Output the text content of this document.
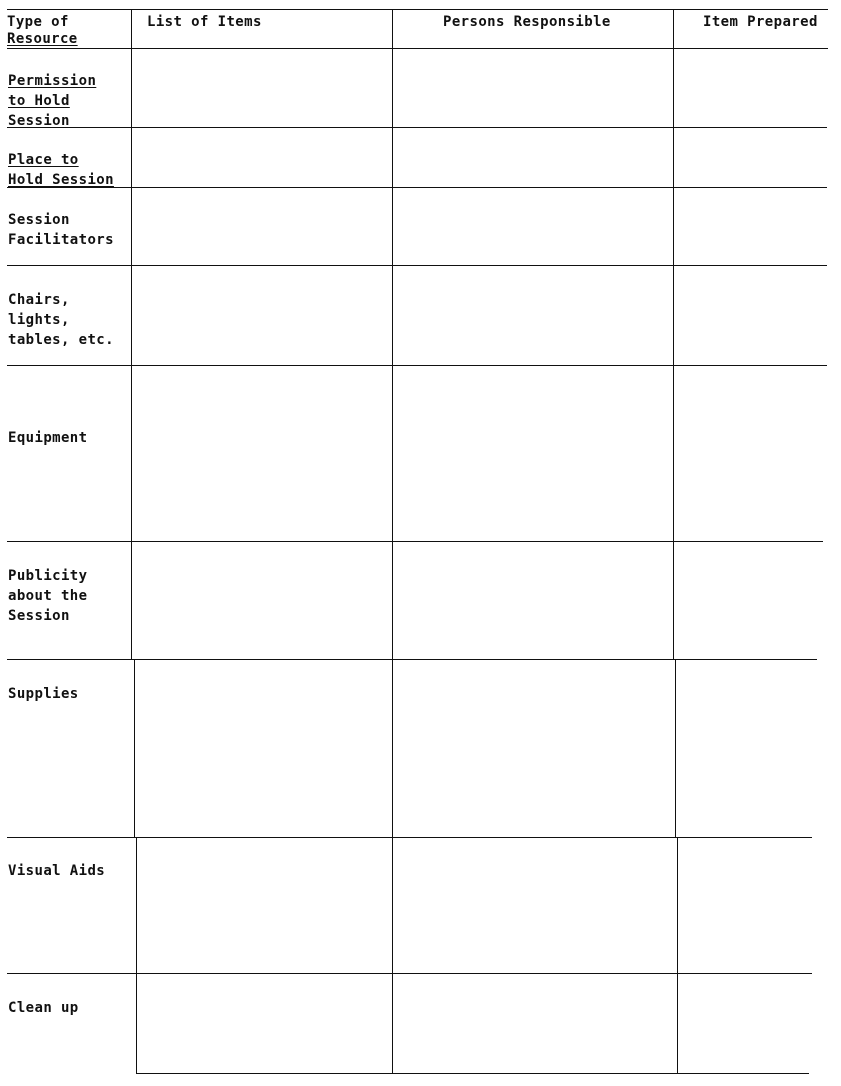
Type of
Resource
List of Items	Persons Responsible	Item Prepared
Permission
to Hold
Session
Place to
Hold Session
Session
Facilitators
Chairs,
lights,
tables, etc.
Equipment
Publicity
about the
Session
Supplies
Visual Aids
Clean up
